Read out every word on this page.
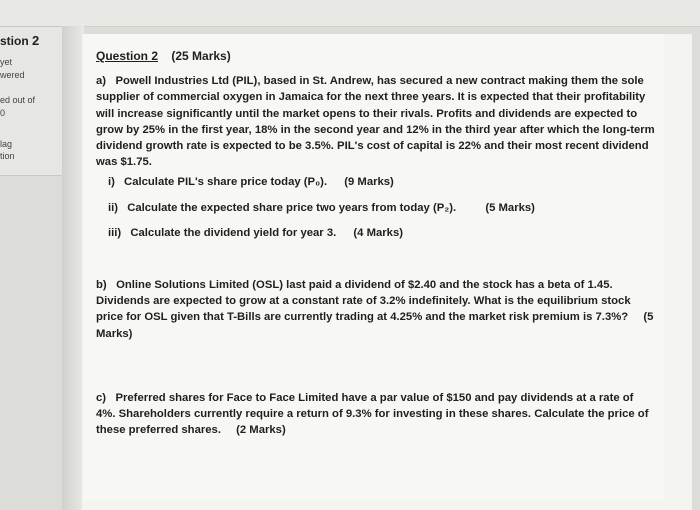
stion 2
yet
wered
ed out of
0
lag
tion
Question 2 (25 Marks)
a) Powell Industries Ltd (PIL), based in St. Andrew, has secured a new contract making them the sole supplier of commercial oxygen in Jamaica for the next three years. It is expected that their profitability will increase significantly until the market opens to their rivals. Profits and dividends are expected to grow by 25% in the first year, 18% in the second year and 12% in the third year after which the long-term dividend growth rate is expected to be 3.5%. PIL's cost of capital is 22% and their most recent dividend was $1.75.
i) Calculate PIL's share price today (P₀). (9 Marks)
ii) Calculate the expected share price two years from today (P₂).	(5 Marks)
iii) Calculate the dividend yield for year 3. (4 Marks)
b) Online Solutions Limited (OSL) last paid a dividend of $2.40 and the stock has a beta of 1.45. Dividends are expected to grow at a constant rate of 3.2% indefinitely. What is the equilibrium stock price for OSL given that T-Bills are currently trading at 4.25% and the market risk premium is 7.3%? (5 Marks)
c) Preferred shares for Face to Face Limited have a par value of $150 and pay dividends at a rate of 4%. Shareholders currently require a return of 9.3% for investing in these shares. Calculate the price of these preferred shares. (2 Marks)
